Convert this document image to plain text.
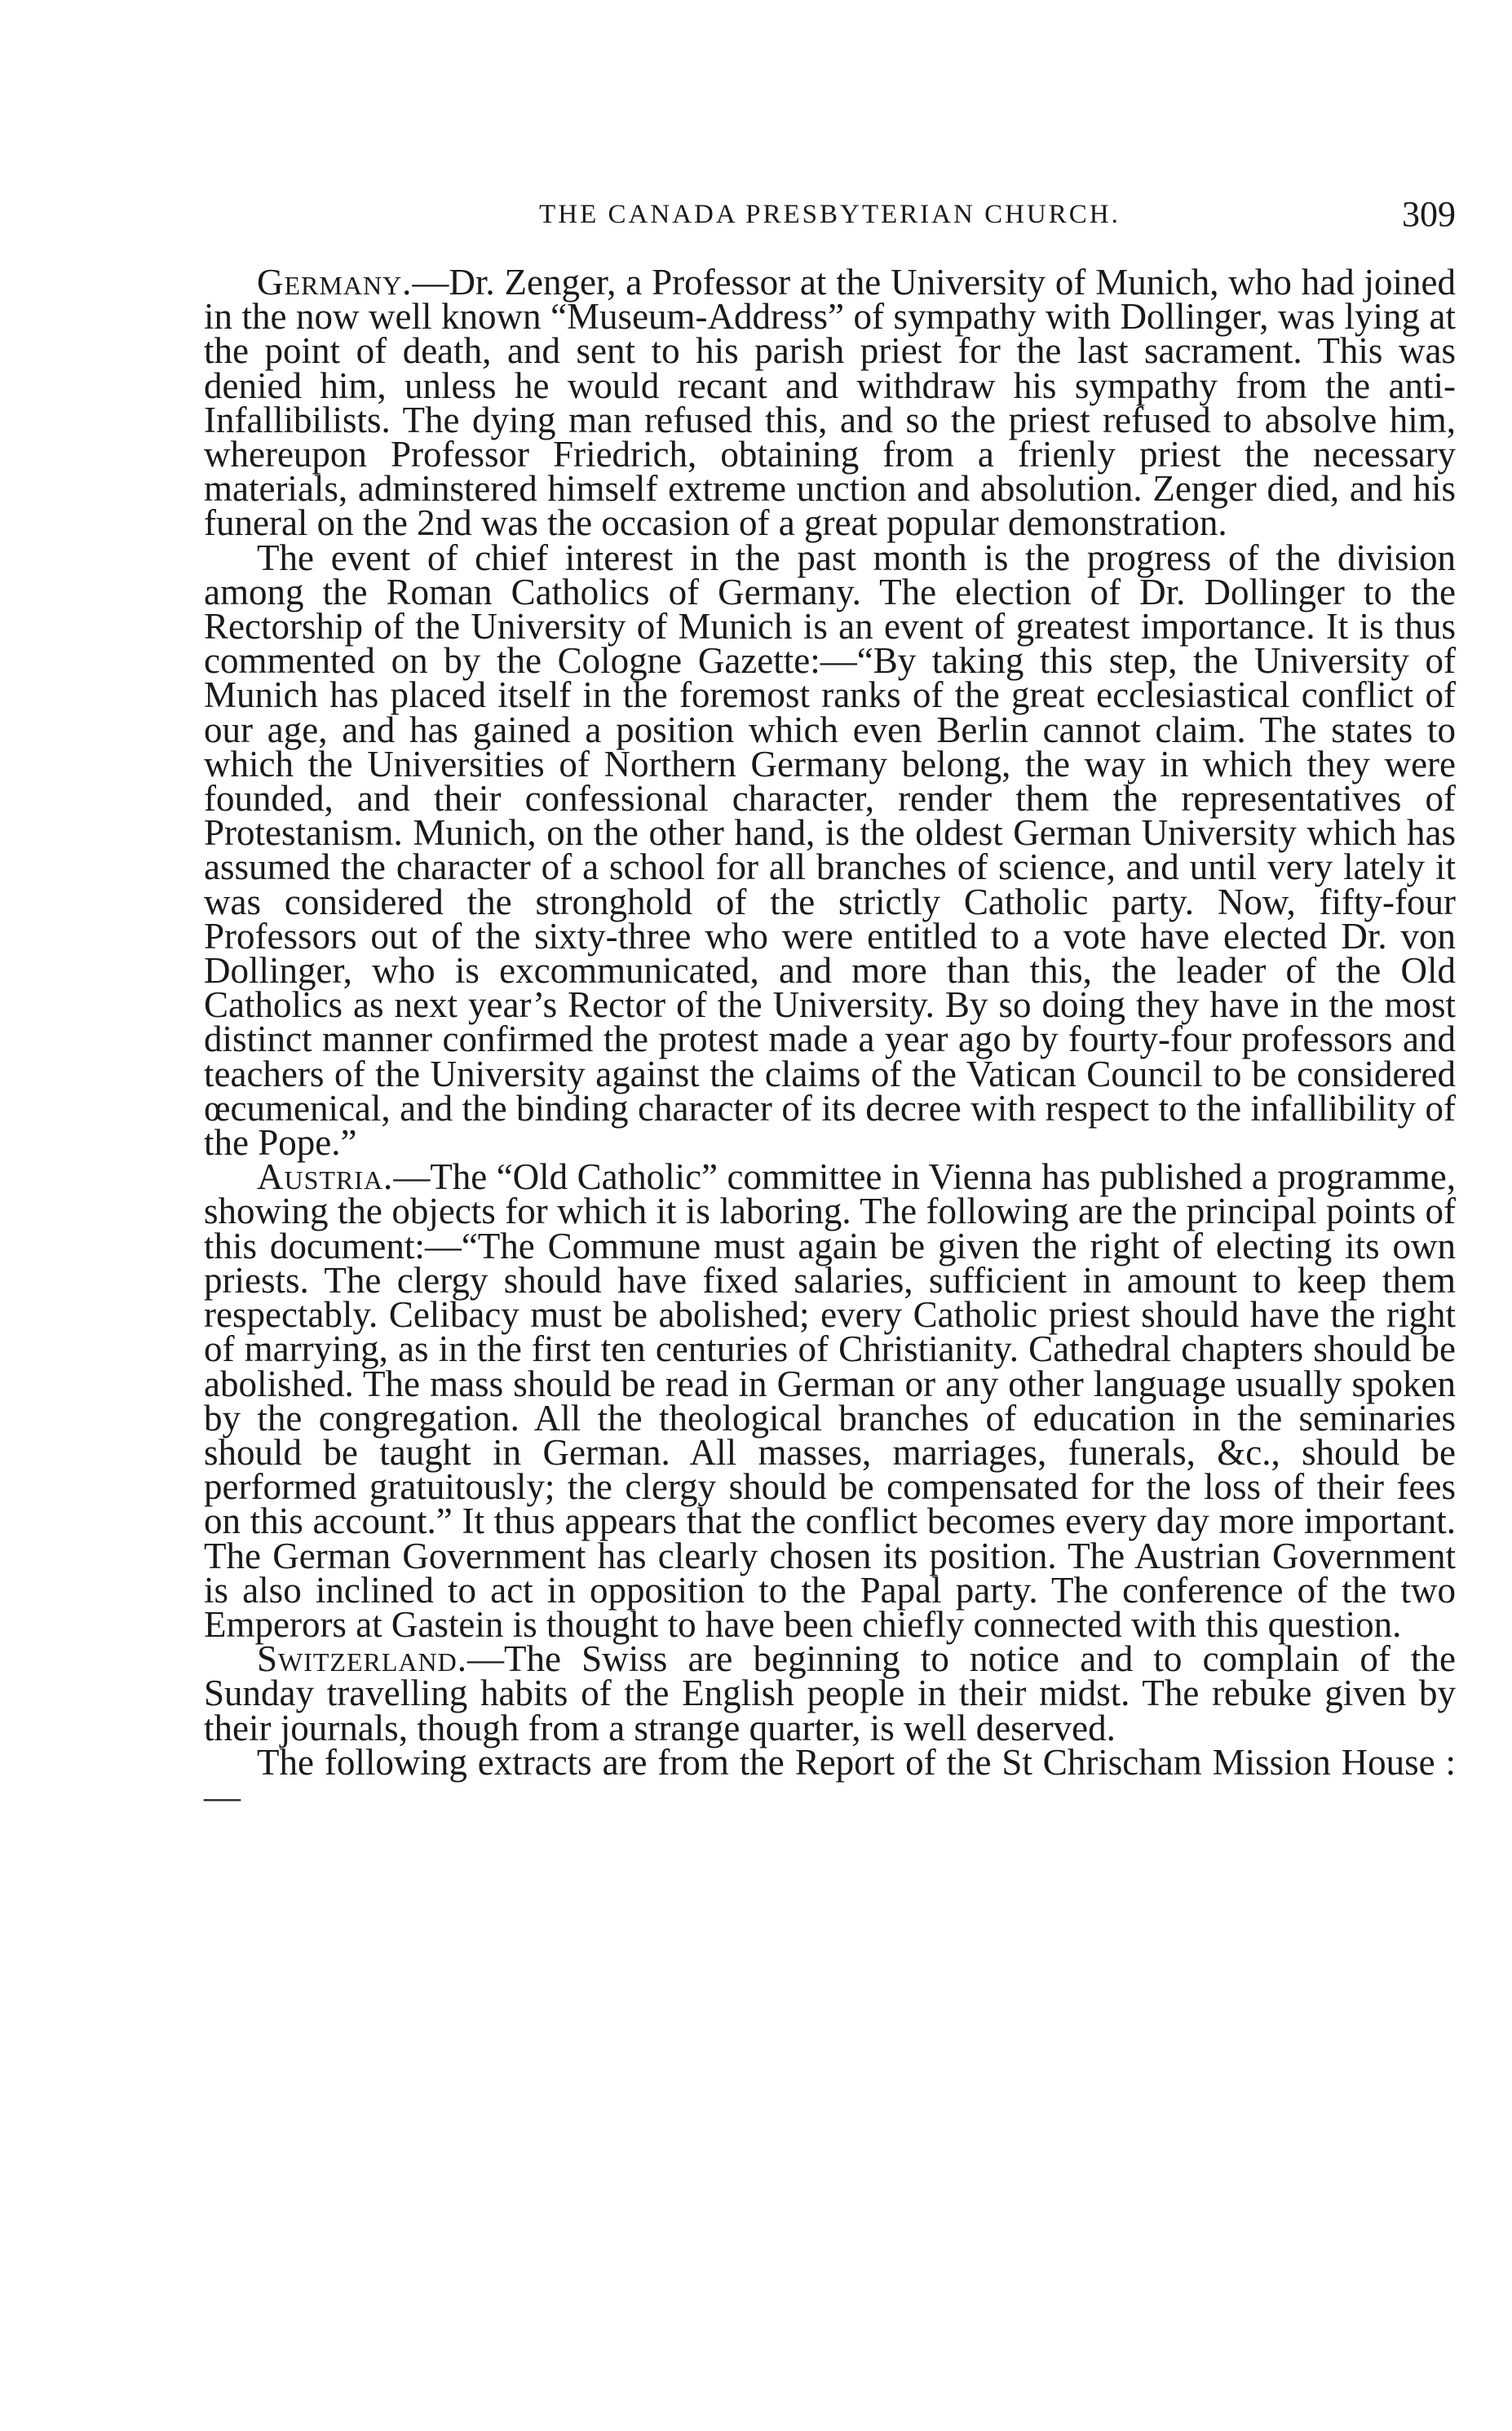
THE CANADA PRESBYTERIAN CHURCH.	309

Germany.—Dr. Zenger, a Professor at the University of Munich, who had joined in the now well known “Museum-Address” of sympathy with Dollinger, was lying at the point of death, and sent to his parish priest for the last sacrament. This was denied him, unless he would recant and withdraw his sympathy from the anti-Infallibilists. The dying man refused this, and so the priest refused to absolve him, whereupon Professor Friedrich, obtaining from a frienly priest the necessary materials, adminstered himself extreme unction and absolution. Zenger died, and his funeral on the 2nd was the occasion of a great popular demonstration.

The event of chief interest in the past month is the progress of the division among the Roman Catholics of Germany. The election of Dr. Dollinger to the Rectorship of the University of Munich is an event of greatest importance. It is thus commented on by the Cologne Gazette:—“By taking this step, the University of Munich has placed itself in the foremost ranks of the great ecclesiastical conflict of our age, and has gained a position which even Berlin cannot claim. The states to which the Universities of Northern Germany belong, the way in which they were founded, and their confessional character, render them the representatives of Protestanism. Munich, on the other hand, is the oldest German University which has assumed the character of a school for all branches of science, and until very lately it was considered the stronghold of the strictly Catholic party. Now, fifty-four Professors out of the sixty-three who were entitled to a vote have elected Dr. von Dollinger, who is excommunicated, and more than this, the leader of the Old Catholics as next year’s Rector of the University. By so doing they have in the most distinct manner confirmed the protest made a year ago by fourty-four professors and teachers of the University against the claims of the Vatican Council to be considered œcumenical, and the binding character of its decree with respect to the infallibility of the Pope.”

Austria.—The “Old Catholic” committee in Vienna has published a programme, showing the objects for which it is laboring. The following are the principal points of this document:—“The Commune must again be given the right of electing its own priests. The clergy should have fixed salaries, sufficient in amount to keep them respectably. Celibacy must be abolished; every Catholic priest should have the right of marrying, as in the first ten centuries of Christianity. Cathedral chapters should be abolished. The mass should be read in German or any other language usually spoken by the congregation. All the theological branches of education in the seminaries should be taught in German. All masses, marriages, funerals, &c., should be performed gratuitously; the clergy should be compensated for the loss of their fees on this account.” It thus appears that the conflict becomes every day more important. The German Government has clearly chosen its position. The Austrian Government is also inclined to act in opposition to the Papal party. The conference of the two Emperors at Gastein is thought to have been chiefly connected with this question.

Switzerland.—The Swiss are beginning to notice and to complain of the Sunday travelling habits of the English people in their midst. The rebuke given by their journals, though from a strange quarter, is well deserved.

The following extracts are from the Report of the St Chrischam Mission House :—
